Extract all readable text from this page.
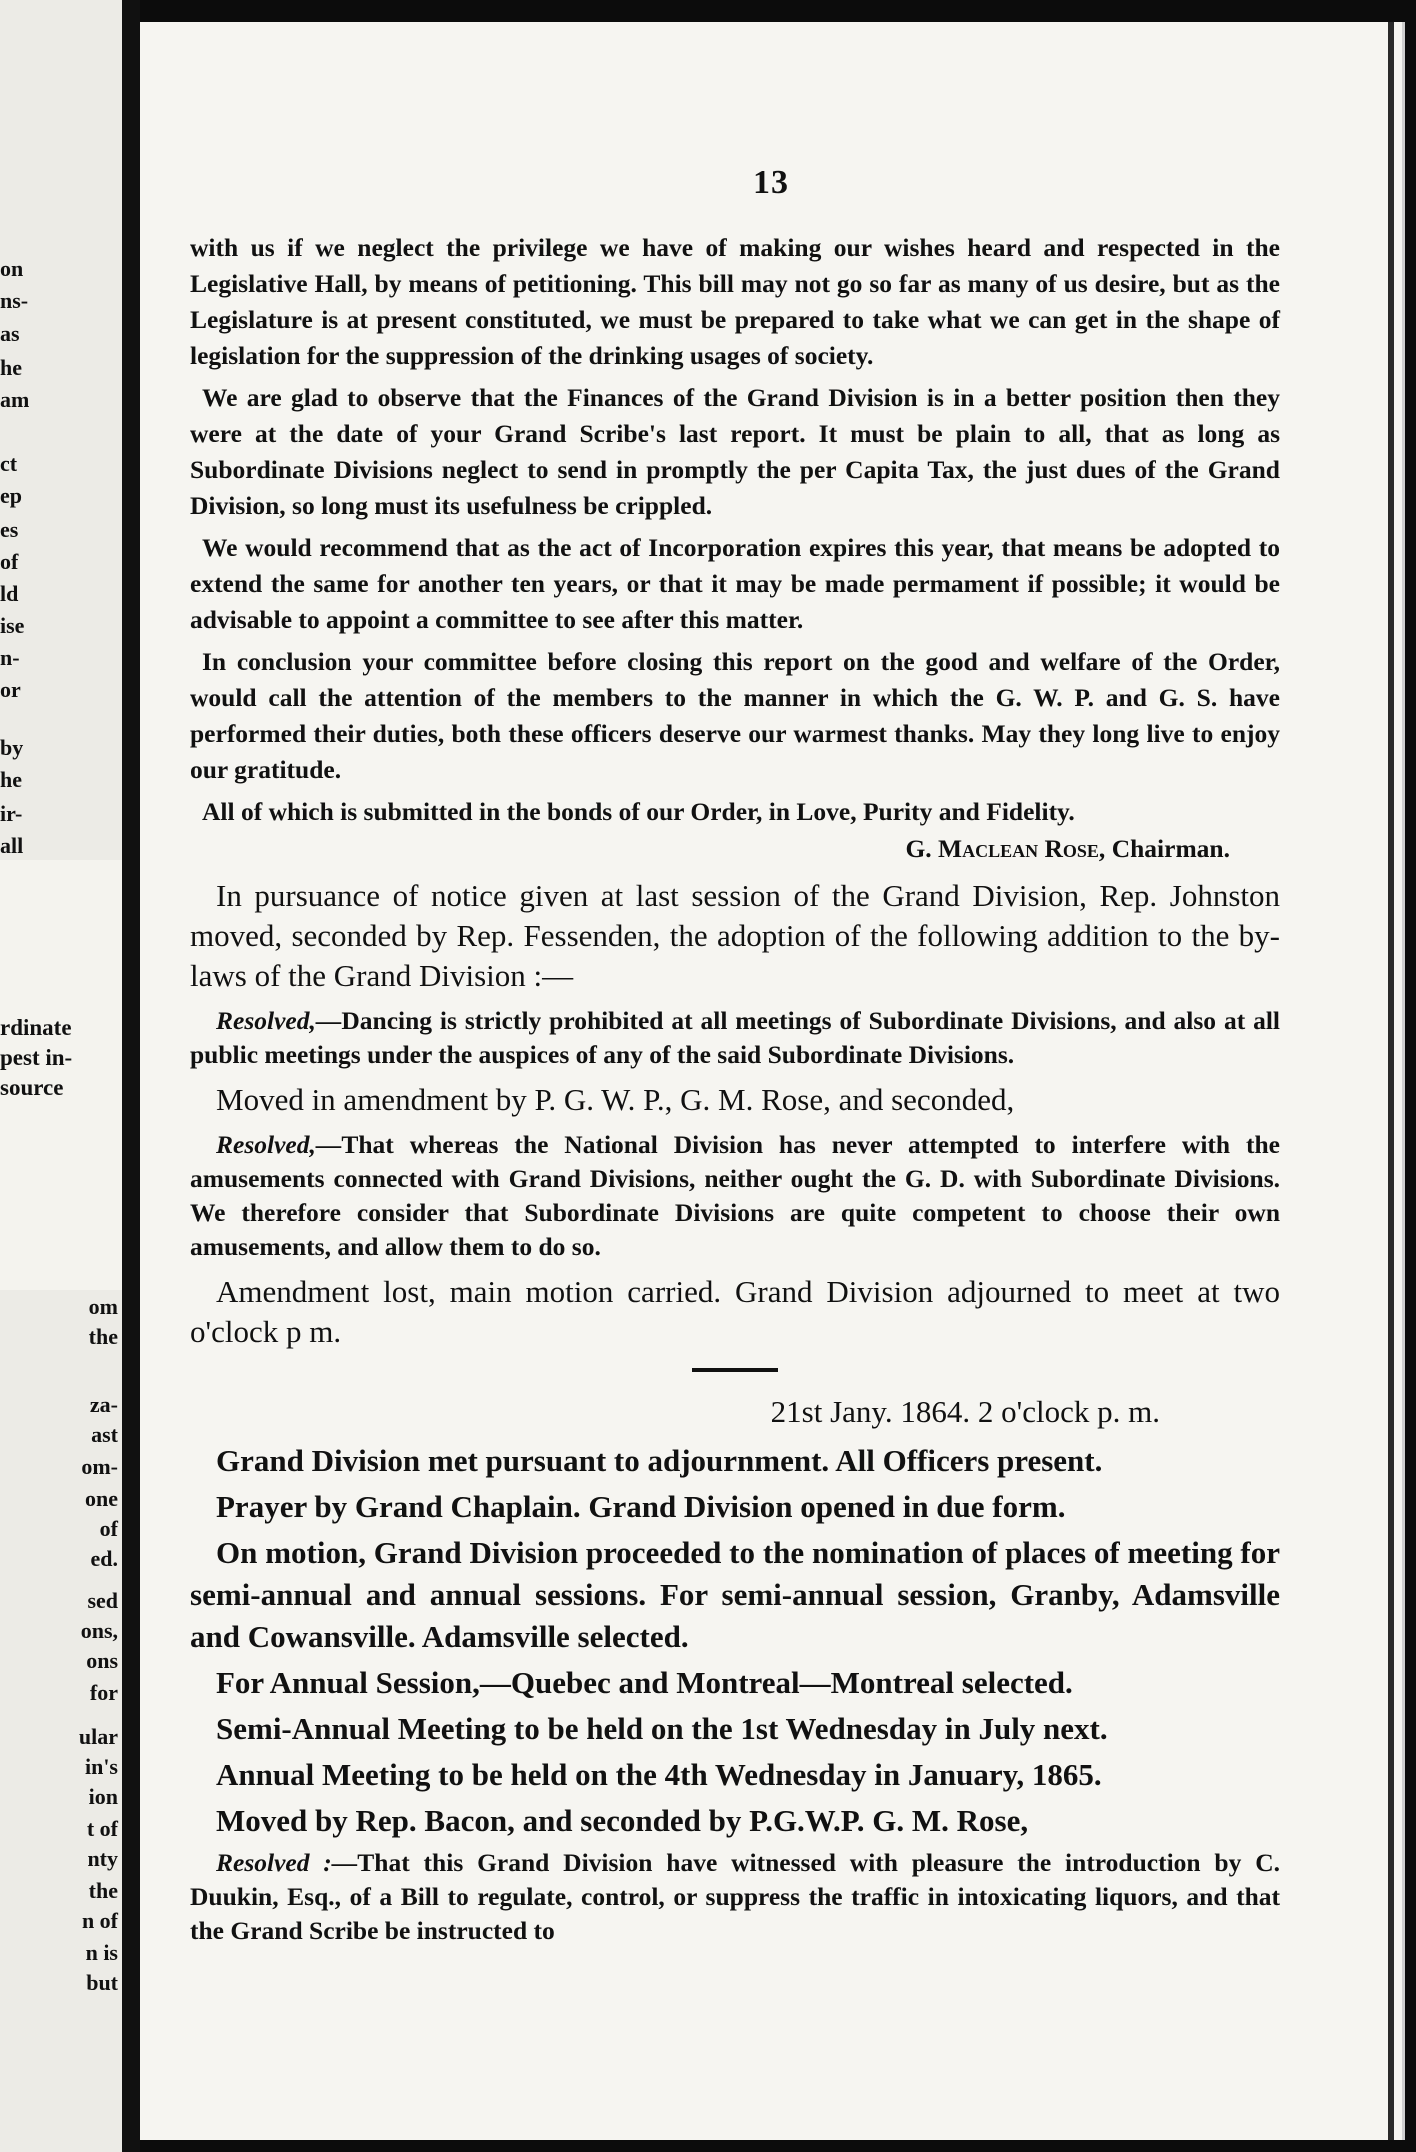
on
ns-
as
he
am
ct
ep
es
of
ld
ise
n-
or
by
he
ir-
all
om
the
za-
ast
om-
one
of
ed.
sed
ons,
ons
for
ular
in's
ion
t of
nty
the
n of
n is
but
rdinate
pest in-
source
13

with us if we neglect the privilege we have of making our wishes heard and respected in the Legislative Hall, by means of petitioning. This bill may not go so far as many of us desire, but as the Legislature is at present constituted, we must be prepared to take what we can get in the shape of legislation for the suppression of the drinking usages of society.

We are glad to observe that the Finances of the Grand Division is in a better position then they were at the date of your Grand Scribe's last report. It must be plain to all, that as long as Subordinate Divisions neglect to send in promptly the per Capita Tax, the just dues of the Grand Division, so long must its usefulness be crippled.

We would recommend that as the act of Incorporation expires this year, that means be adopted to extend the same for another ten years, or that it may be made permament if possible; it would be advisable to appoint a committee to see after this matter.

In conclusion your committee before closing this report on the good and welfare of the Order, would call the attention of the members to the manner in which the G. W. P. and G. S. have performed their duties, both these officers deserve our warmest thanks. May they long live to enjoy our gratitude.

All of which is submitted in the bonds of our Order, in Love, Purity and Fidelity.

G. Maclean Rose, Chairman.

In pursuance of notice given at last session of the Grand Division, Rep. Johnston moved, seconded by Rep. Fessenden, the adoption of the following addition to the by-laws of the Grand Division :—

Resolved,—Dancing is strictly prohibited at all meetings of Subordinate Divisions, and also at all public meetings under the auspices of any of the said Subordinate Divisions.

Moved in amendment by P. G. W. P., G. M. Rose, and seconded,

Resolved,—That whereas the National Division has never attempted to interfere with the amusements connected with Grand Divisions, neither ought the G. D. with Subordinate Divisions. We therefore consider that Subordinate Divisions are quite competent to choose their own amusements, and allow them to do so.

Amendment lost, main motion carried. Grand Division adjourned to meet at two o'clock p m.

21st Jany. 1864. 2 o'clock p. m.

Grand Division met pursuant to adjournment. All Officers present.

Prayer by Grand Chaplain. Grand Division opened in due form.

On motion, Grand Division proceeded to the nomination of places of meeting for semi-annual and annual sessions. For semi-annual session, Granby, Adamsville and Cowansville. Adamsville selected.

For Annual Session,—Quebec and Montreal—Montreal selected.

Semi-Annual Meeting to be held on the 1st Wednesday in July next.

Annual Meeting to be held on the 4th Wednesday in January, 1865.

Moved by Rep. Bacon, and seconded by P.G.W.P. G. M. Rose,

Resolved :—That this Grand Division have witnessed with pleasure the introduction by C. Duukin, Esq., of a Bill to regulate, control, or suppress the traffic in intoxicating liquors, and that the Grand Scribe be instructed to
